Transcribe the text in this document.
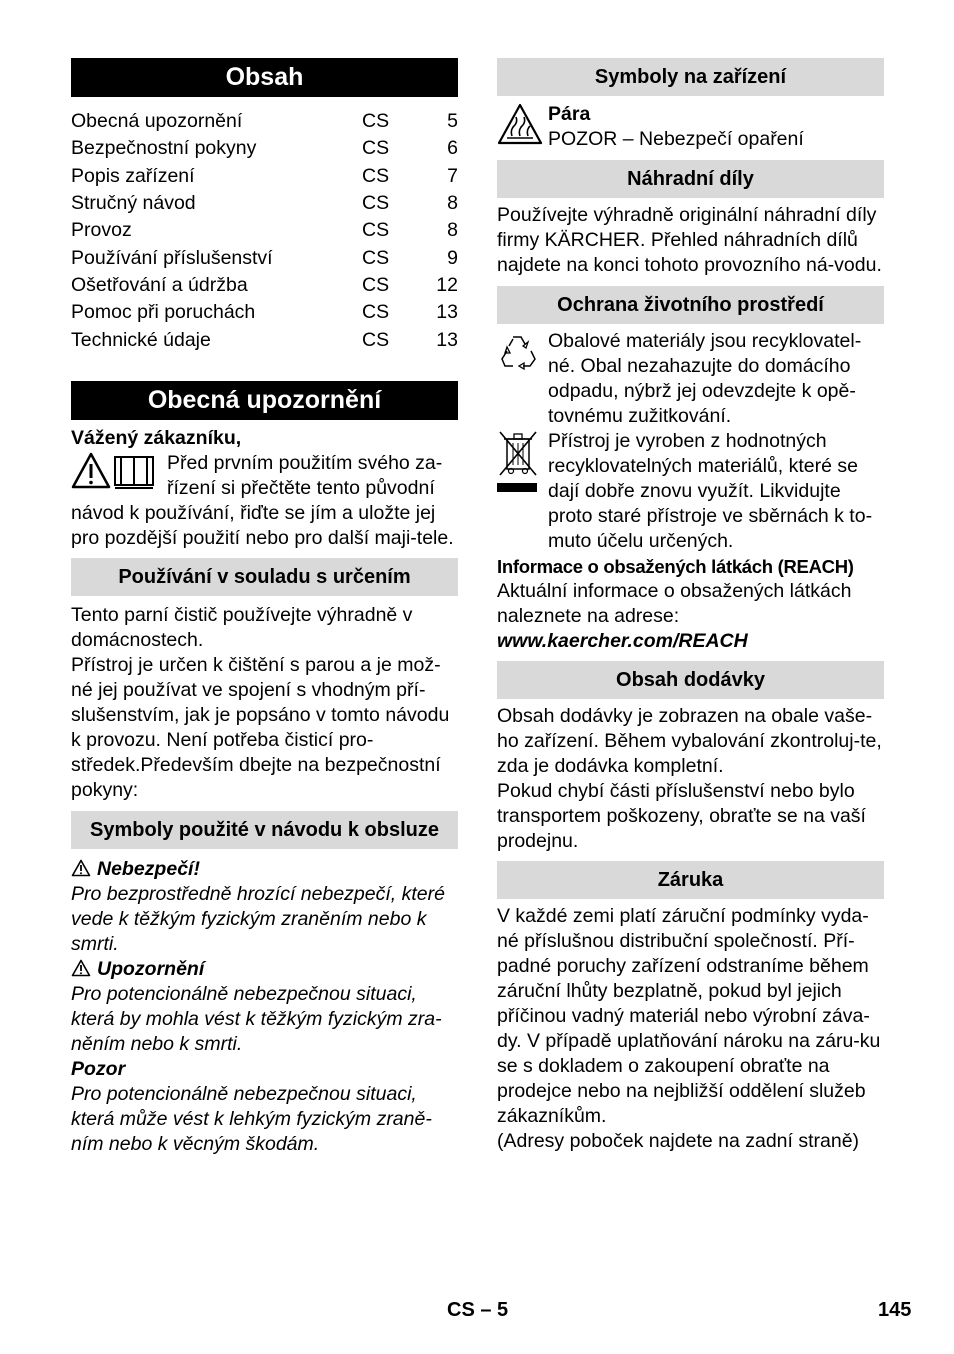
Obsah
Obecná upozornění	CS	5
Bezpečnostní pokyny	CS	6
Popis zařízení	CS	7
Stručný návod	CS	8
Provoz	CS	8
Používání příslušenství	CS	9
Ošetřování a údržba	CS	12
Pomoc při poruchách	CS	13
Technické údaje	CS	13
Obecná upozornění

Vážený zákazníku,

Před prvním použitím svého za-

řízení si přečtěte tento původní

návod k používání, řiďte se jím a uložte jej pro pozdější použití nebo pro další maji-tele.

Používání v souladu s určením

Tento parní čistič používejte výhradně v domácnostech.

Přístroj je určen k čištění s parou a je mož-né jej používat ve spojení s vhodným pří-slušenstvím, jak je popsáno v tomto návodu k provozu. Není potřeba čisticí pro-středek.Především dbejte na bezpečnostní pokyny:

Symboly použité v návodu k obsluze

Nebezpečí!

Pro bezprostředně hrozící nebezpečí, které vede k těžkým fyzickým zraněním nebo k smrti.

Upozornění

Pro potencionálně nebezpečnou situaci, která by mohla vést k těžkým fyzickým zra-něním nebo k smrti.

Pozor

Pro potencionálně nebezpečnou situaci, která může vést k lehkým fyzickým zraně-ním nebo k věcným škodám.

Symboly na zařízení

Pára

POZOR – Nebezpečí opaření

Náhradní díly

Používejte výhradně originální náhradní díly firmy KÄRCHER. Přehled náhradních dílů najdete na konci tohoto provozního ná-vodu.

Ochrana životního prostředí

Obalové materiály jsou recyklovatel-né. Obal nezahazujte do domácího odpadu, nýbrž jej odevzdejte k opě-tovnému zužitkování.

Přístroj je vyroben z hodnotných recyklovatelných materiálů, které se dají dobře znovu využít. Likvidujte proto staré přístroje ve sběrnách k to-muto účelu určených.

Informace o obsažených látkách (REACH)

Aktuální informace o obsažených látkách naleznete na adrese:

www.kaercher.com/REACH

Obsah dodávky

Obsah dodávky je zobrazen na obale vaše-ho zařízení. Během vybalování zkontroluj-te, zda je dodávka kompletní.

Pokud chybí části příslušenství nebo bylo transportem poškozeny, obraťte se na vaší prodejnu.

Záruka

V každé zemi platí záruční podmínky vyda-né příslušnou distribuční společností. Pří-padné poruchy zařízení odstraníme během záruční lhůty bezplatně, pokud byl jejich příčinou vadný materiál nebo výrobní záva-dy. V případě uplatňování nároku na záru-ku se s dokladem o zakoupení obraťte na prodejce nebo na nejbližší oddělení služeb zákazníkům.

(Adresy poboček najdete na zadní straně)

CS – 5	145
